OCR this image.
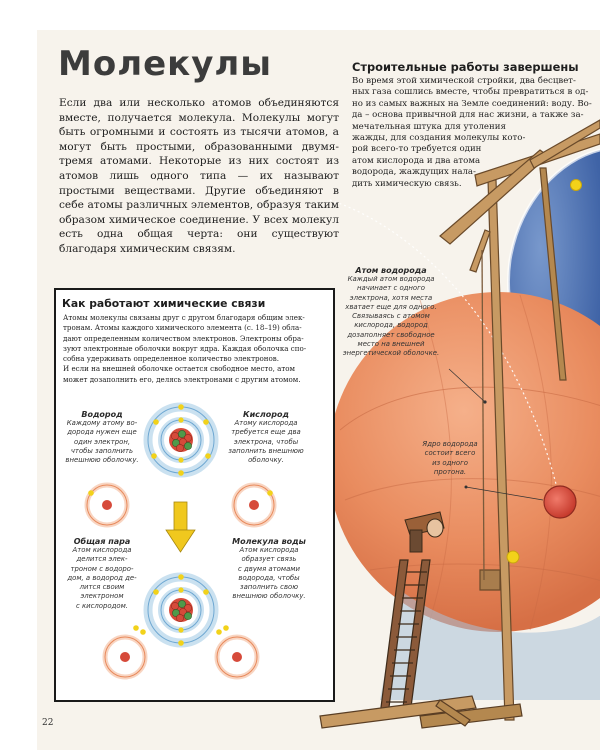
Молекулы

Если два или несколько атомов объединяются вместе, получается молекула. Молекулы могут быть огромными и состоять из тысячи атомов, а могут быть простыми, образованными двумя-тремя атомами. Некоторые из них состоят из атомов лишь одного типа — их называют простыми веществами. Другие объединяют в себе атомы различных элементов, образуя таким образом химическое соединение. У всех молекул есть одна общая черта: они существуют благодаря химическим связям.

Строительные работы завершены
Во время этой химической стройки, два бесцвет-
ных газа сошлись вместе, чтобы превратиться в од-
но из самых важных на Земле соединений: воду. Во-
да – основа привычной для нас жизни, а также за-
мечательная штука для утоления
жажды, для создания молекулы кото-
рой всего-то требуется один
атом кислорода и два атома
водорода, жаждущих нала-
дить химическую связь.
Как работают химические связи
Атомы молекулы связаны друг с другом благодаря общим элек-
тронам. Атомы каждого химического элемента (с. 18–19) обла-
дают определенным количеством электронов. Электроны обра-
зуют электронные оболочки вокруг ядра. Каждая оболочка спо-
собна удерживать определенное количество электронов.
И если на внешней оболочке остается свободное место, атом
может дозаполнить его, делясь электронами с другим атомом.
Водород
Каждому атому во-
дорода нужен еще
один электрон,
чтобы заполнить
внешнюю оболочку.
Кислород
Атому кислорода
требуется еще два
электрона, чтобы
заполнить внешнюю
оболочку.
Общая пара
Атом кислорода
делится элек-
троном с водоро-
дом, а водород де-
лится своим
электроном
с кислородом.
Молекула воды
Атом кислорода
образует связь
с двумя атомами
водорода, чтобы
заполнить свою
внешнюю оболочку.
Атом водорода
Каждый атом водорода
начинает с одного
электрона, хотя места
хватает еще для одного.
Связываясь с атомом
кислорода, водород
дозаполняет свободное
место на внешней
энергетической оболочке.
Ядро водорода
состоит всего
из одного
протона.
22
